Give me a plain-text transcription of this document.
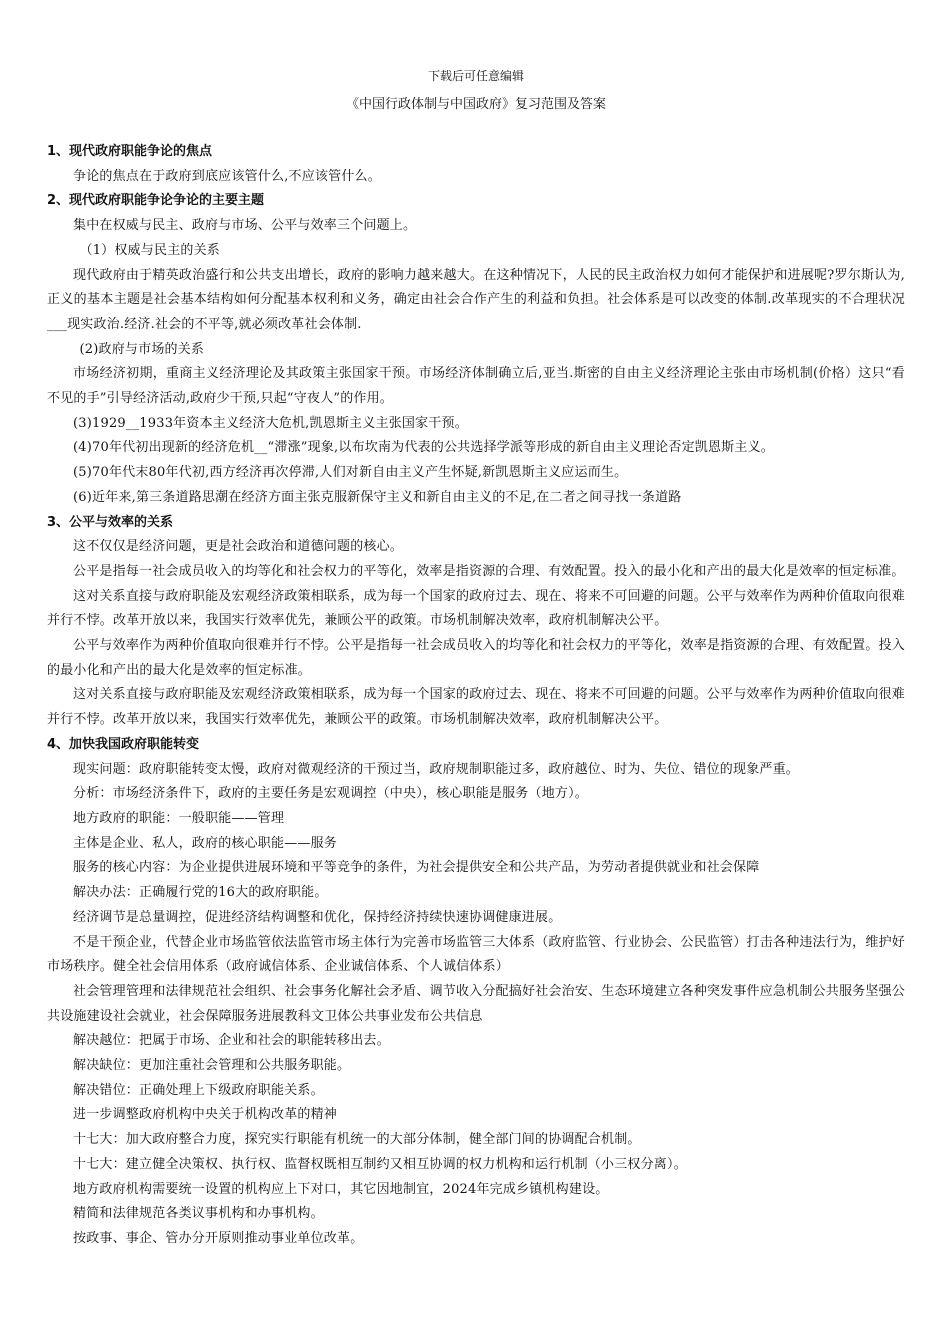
下载后可任意编辑
《中国行政体制与中国政府》复习范围及答案
1、现代政府职能争论的焦点
争论的焦点在于政府到底应该管什么,不应该管什么。
2、现代政府职能争论争论的主要主题
集中在权威与民主、政府与市场、公平与效率三个问题上。
（1）权威与民主的关系
现代政府由于精英政治盛行和公共支出增长，政府的影响力越来越大。在这种情况下，人民的民主政治权力如何才能保护和进展呢?罗尔斯认为,正义的基本主题是社会基本结构如何分配基本权利和义务，确定由社会合作产生的利益和负担。社会体系是可以改变的体制.改革现实的不合理状况___现实政治.经济.社会的不平等,就必须改革社会体制.
(2)政府与市场的关系
市场经济初期，重商主义经济理论及其政策主张国家干预。市场经济体制确立后,亚当.斯密的自由主义经济理论主张由市场机制(价格）这只“看不见的手”引导经济活动,政府少干预,只起“守夜人”的作用。
(3)1929__1933年资本主义经济大危机,凯恩斯主义主张国家干预。
(4)70年代初出现新的经济危机__“滞涨”现象,以布坎南为代表的公共选择学派等形成的新自由主义理论否定凯恩斯主义。
(5)70年代末80年代初,西方经济再次停滞,人们对新自由主义产生怀疑,新凯恩斯主义应运而生。
(6)近年来,第三条道路思潮在经济方面主张克服新保守主义和新自由主义的不足,在二者之间寻找一条道路
3、公平与效率的关系
这不仅仅是经济问题，更是社会政治和道德问题的核心。
公平是指每一社会成员收入的均等化和社会权力的平等化，效率是指资源的合理、有效配置。投入的最小化和产出的最大化是效率的恒定标准。
这对关系直接与政府职能及宏观经济政策相联系，成为每一个国家的政府过去、现在、将来不可回避的问题。公平与效率作为两种价值取向很难并行不悖。改革开放以来，我国实行效率优先，兼顾公平的政策。市场机制解决效率，政府机制解决公平。
公平与效率作为两种价值取向很难并行不悖。公平是指每一社会成员收入的均等化和社会权力的平等化，效率是指资源的合理、有效配置。投入的最小化和产出的最大化是效率的恒定标准。
这对关系直接与政府职能及宏观经济政策相联系，成为每一个国家的政府过去、现在、将来不可回避的问题。公平与效率作为两种价值取向很难并行不悖。改革开放以来，我国实行效率优先，兼顾公平的政策。市场机制解决效率，政府机制解决公平。
4、加快我国政府职能转变
现实问题：政府职能转变太慢，政府对微观经济的干预过当，政府规制职能过多，政府越位、时为、失位、错位的现象严重。
分析：市场经济条件下，政府的主要任务是宏观调控（中央），核心职能是服务（地方）。
地方政府的职能：一般职能——管理
主体是企业、私人，政府的核心职能——服务
服务的核心内容：为企业提供进展环境和平等竞争的条件，为社会提供安全和公共产品，为劳动者提供就业和社会保障
解决办法：正确履行党的16大的政府职能。
经济调节是总量调控，促进经济结构调整和优化，保持经济持续快速协调健康进展。
不是干预企业，代替企业市场监管依法监管市场主体行为完善市场监管三大体系（政府监管、行业协会、公民监管）打击各种违法行为，维护好市场秩序。健全社会信用体系（政府诚信体系、企业诚信体系、个人诚信体系）
社会管理管理和法律规范社会组织、社会事务化解社会矛盾、调节收入分配搞好社会治安、生态环境建立各种突发事件应急机制公共服务坚强公共设施建设社会就业，社会保障服务进展教科文卫体公共事业发布公共信息
解决越位：把属于市场、企业和社会的职能转移出去。
解决缺位：更加注重社会管理和公共服务职能。
解决错位：正确处理上下级政府职能关系。
进一步调整政府机构中央关于机构改革的精神
十七大：加大政府整合力度，探究实行职能有机统一的大部分体制，健全部门间的协调配合机制。
十七大：建立健全决策权、执行权、监督权既相互制约又相互协调的权力机构和运行机制（小三权分离）。
地方政府机构需要统一设置的机构应上下对口，其它因地制宜，2024年完成乡镇机构建设。
精简和法律规范各类议事机构和办事机构。
按政事、事企、管办分开原则推动事业单位改革。
